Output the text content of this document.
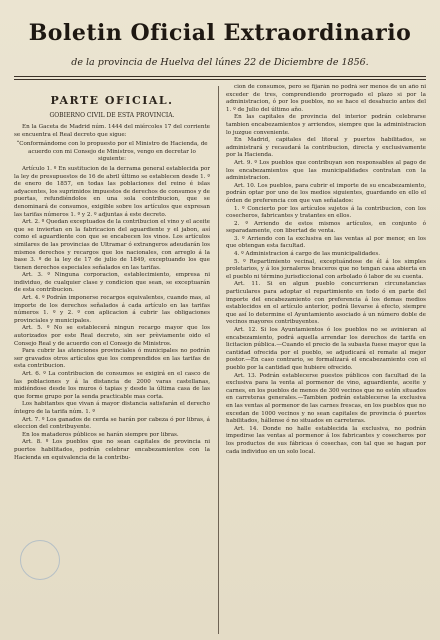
Boletin Oficial Extraordinario
de la provincia de Huelva del lúnes 22 de Diciembre de 1856.

PARTE OFICIAL.

GOBIERNO CIVIL DE ESTA PROVINCIA.

En la Gaceta de Madrid núm. 1444 del miércoles 17 del corriente se encuentra el Real decreto que sigue:

“Conformándome con lo propuesto por el Ministro de Hacienda, de acuerdo con mi Consejo de Ministros, vengo en decretar lo siguiente:

Artículo 1. º En sustitucion de la derrama general establecida por la ley de presupuestos de 16 de abril último se establecen desde 1. º de enero de 1857, en todas las poblaciones del reino é islas adyacentes, los suprimidos impuestos de derechos de consumos y de puertas, refundiéndolos en una sola contribucion, que se denominará de consumos, exigible sobre los artículos que expresan las tarifas números 1. º y 2. º adjuntas á este decreto.

Art. 2. º Quedan exceptuados de la contribucion el vino y el aceite que se inviertan en la fabricacion del aguardiente y el jabon, así como el aguardiente con que se encabecen los vinos. Los artículos similares de las provincias de Ultramar ó extrangeros adeudarán los mismos derechos y recargos que los nacionales, con arreglo á la base 3. º de la ley de 17 de julio de 1849, exceptuando los que tienen derechos especiales señalados en las tarifas.

Art. 3. º Ninguna corporacion, establecimiento, empresa ni individuo, de cualquier clase y condicion que sean, se exceptuarán de esta contribucion.

Art. 4. º Podrán imponerse recargos equivalentes, cuando mas, al importe de los derechos señalados á cada artículo en las tarifas números 1. º y 2. º con aplicacion á cubrir las obligaciones provinciales y municipales.

Art. 5. º No se establecerá ningun recargo mayor que los autorizados por este Real decreto, sin ser prèviamente oido el Consejo Real y de acuerdo con el Consejo de Ministros.

Para cubrir las atenciones provinciales ó municipales no podrán ser gravados otros artículos que los comprendidos en las tarifas de esta contribucion.

Art. 6. º La contribucion de consumos se exigirá en el casco de las poblaciones y á la distancia de 2000 varas castellanas, midiéndose desde los muros ó tapias y desde la última casa de las que forme grupo por la senda practicable mas corta.

Los habitantes que vivan á mayor distancia satisfarán el derecho íntegro de la tarifa núm. 1. º

Art. 7. º Los ganados de cerda se harán por cabeza ó por libras, á eleccion del contribuyente.

En los mataderos públicos se harán siempre por libras.

Art. 8. º Los pueblos que no sean capitales de provincia ni puertos habilitados, podrán celebrar encabezamientos con la Hacienda en equivalencia de la contribu-

cion de consumos, pero se fijarán no podrá ser menos de un año ni exceder de tres, comprendiendo prorrogado el plazo si por la administracion, ó por los pueblos, no se hace el desahucio antes del 1. º de Julio del último año.

En las capitales de provincia del interior podrán celebrarse tambien encabezamientos y arriendos, siempre que la administracion lo juzgue conveniente.

En Madrid, capitales del litoral y puertos habilitados, se administrará y recaudará la contribucion, directa y exclusivamente por la Hacienda.

Art. 9. º Los pueblos que contribuyan son responsables al pago de los encabezamientos que las municipalidades contratan con la administracion.

Art. 10. Los pueblos, para cubrir el importe de su encabezamiento, podrán optar por uno de los medios siguientes, guardando en ello el órden de preferencia con que van señalados:

1. º Concierto por los artículos sujetos á la contribucion, con los cosecheros, fabricantes y tratantes en ellos.

2. º Arriendo de estos mismos artículos, en conjunto ó separadamente, con libertad de venta.

3. º Arriendo con la exclusiva en las ventas al por menor, en los que obtengan esta facultad.

4. º Administracion á cargo de las municipalidades.

5. º Repartimiento vecinal, exceptuándose de él á los simples proletarios, y á los jornaleros braceros que no tengan casa abierta en el pueblo ni término jurisdiccional con arbolado ó labor de su cuenta.

Art. 11. Si en algun pueblo concurrieran circunstancias particulares para adoptar el repartimiento en todo ó en parte del importe del encabezamiento con preferencia á los demas medios establecidos en el artículo anterior, podrá llevarse á efecto, siempre que así lo determine el Ayuntamiento asociado á un número doble de vecinos mayores contribuyentes.

Art. 12. Si los Ayuntamientos ó los pueblos no se avinieran al encabezamiento, podrá aquella arrendar los derechos de tarifa en licitacion pública.—Cuando el precio de la subasta fuese mayor que la cantidad ofrecida por el pueblo, se adjudicará el remate al mejor postor.—En caso contrario, se formalizará el encabezamiento con el pueblo por la cantidad que hubiere ofrecido.

Art. 13. Podrán establecerse puestos públicos con facultad de la exclusiva para la venta al pormenor de vino, aguardiente, aceite y carnes, en los pueblos de menos de 300 vecinos que no estén situados en carreteras generales.—Tambien podrán establecerse la exclusiva en las ventas al pormenor de las carnes frescas, en los pueblos que no excedan de 1000 vecinos y no sean capitales de provincia ó puertos habilitados, hállense ó no situados en carreteras.

Art. 14. Donde no halle establecida la exclusiva, no podrán impedirse las ventas al pormenor á los fabricantes y cosecheros por los productos de sus fábricas ó cosechas, con tal que se hagan por cada individuo en un solo local.
